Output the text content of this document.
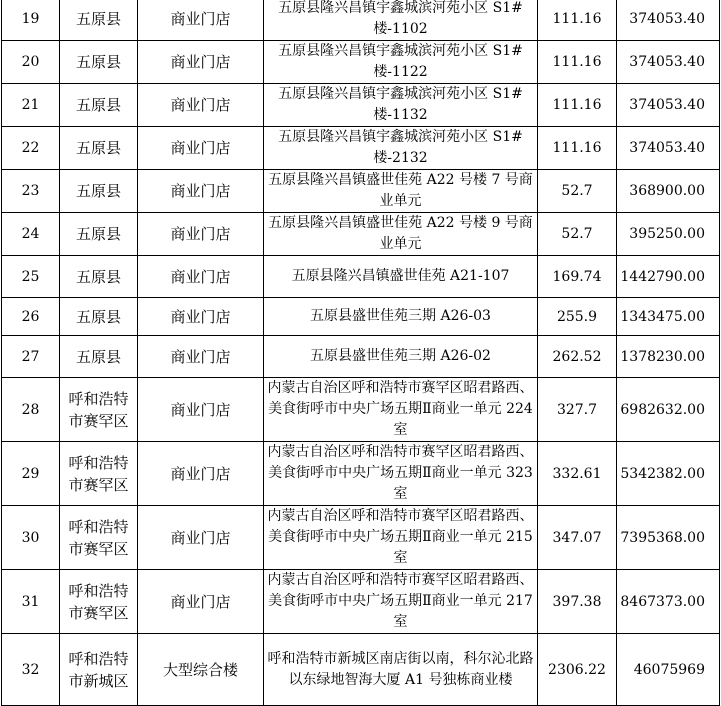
19	五原县	商业门店	五原县隆兴昌镇宇鑫城滨河苑小区 S1#楼-1102	111.16	374053.40
20	五原县	商业门店	五原县隆兴昌镇宇鑫城滨河苑小区 S1#楼-1122	111.16	374053.40
21	五原县	商业门店	五原县隆兴昌镇宇鑫城滨河苑小区 S1#楼-1132	111.16	374053.40
22	五原县	商业门店	五原县隆兴昌镇宇鑫城滨河苑小区 S1#楼-2132	111.16	374053.40
23	五原县	商业门店	五原县隆兴昌镇盛世佳苑 A22 号楼 7 号商业单元	52.7	368900.00
24	五原县	商业门店	五原县隆兴昌镇盛世佳苑 A22 号楼 9 号商业单元	52.7	395250.00
25	五原县	商业门店	五原县隆兴昌镇盛世佳苑 A21-107	169.74	1442790.00
26	五原县	商业门店	五原县盛世佳苑三期 A26-03	255.9	1343475.00
27	五原县	商业门店	五原县盛世佳苑三期 A26-02	262.52	1378230.00
28	呼和浩特市赛罕区	商业门店	内蒙古自治区呼和浩特市赛罕区昭君路西、美食街呼市中央广场五期Ⅱ商业一单元 224 室	327.7	6982632.00
29	呼和浩特市赛罕区	商业门店	内蒙古自治区呼和浩特市赛罕区昭君路西、美食街呼市中央广场五期Ⅱ商业一单元 323 室	332.61	5342382.00
30	呼和浩特市赛罕区	商业门店	内蒙古自治区呼和浩特市赛罕区昭君路西、美食街呼市中央广场五期Ⅱ商业一单元 215 室	347.07	7395368.00
31	呼和浩特市赛罕区	商业门店	内蒙古自治区呼和浩特市赛罕区昭君路西、美食街呼市中央广场五期Ⅱ商业一单元 217 室	397.38	8467373.00
32	呼和浩特市新城区	大型综合楼	呼和浩特市新城区南店街以南，科尔沁北路以东绿地智海大厦 A1 号独栋商业楼	2306.22	46075969
